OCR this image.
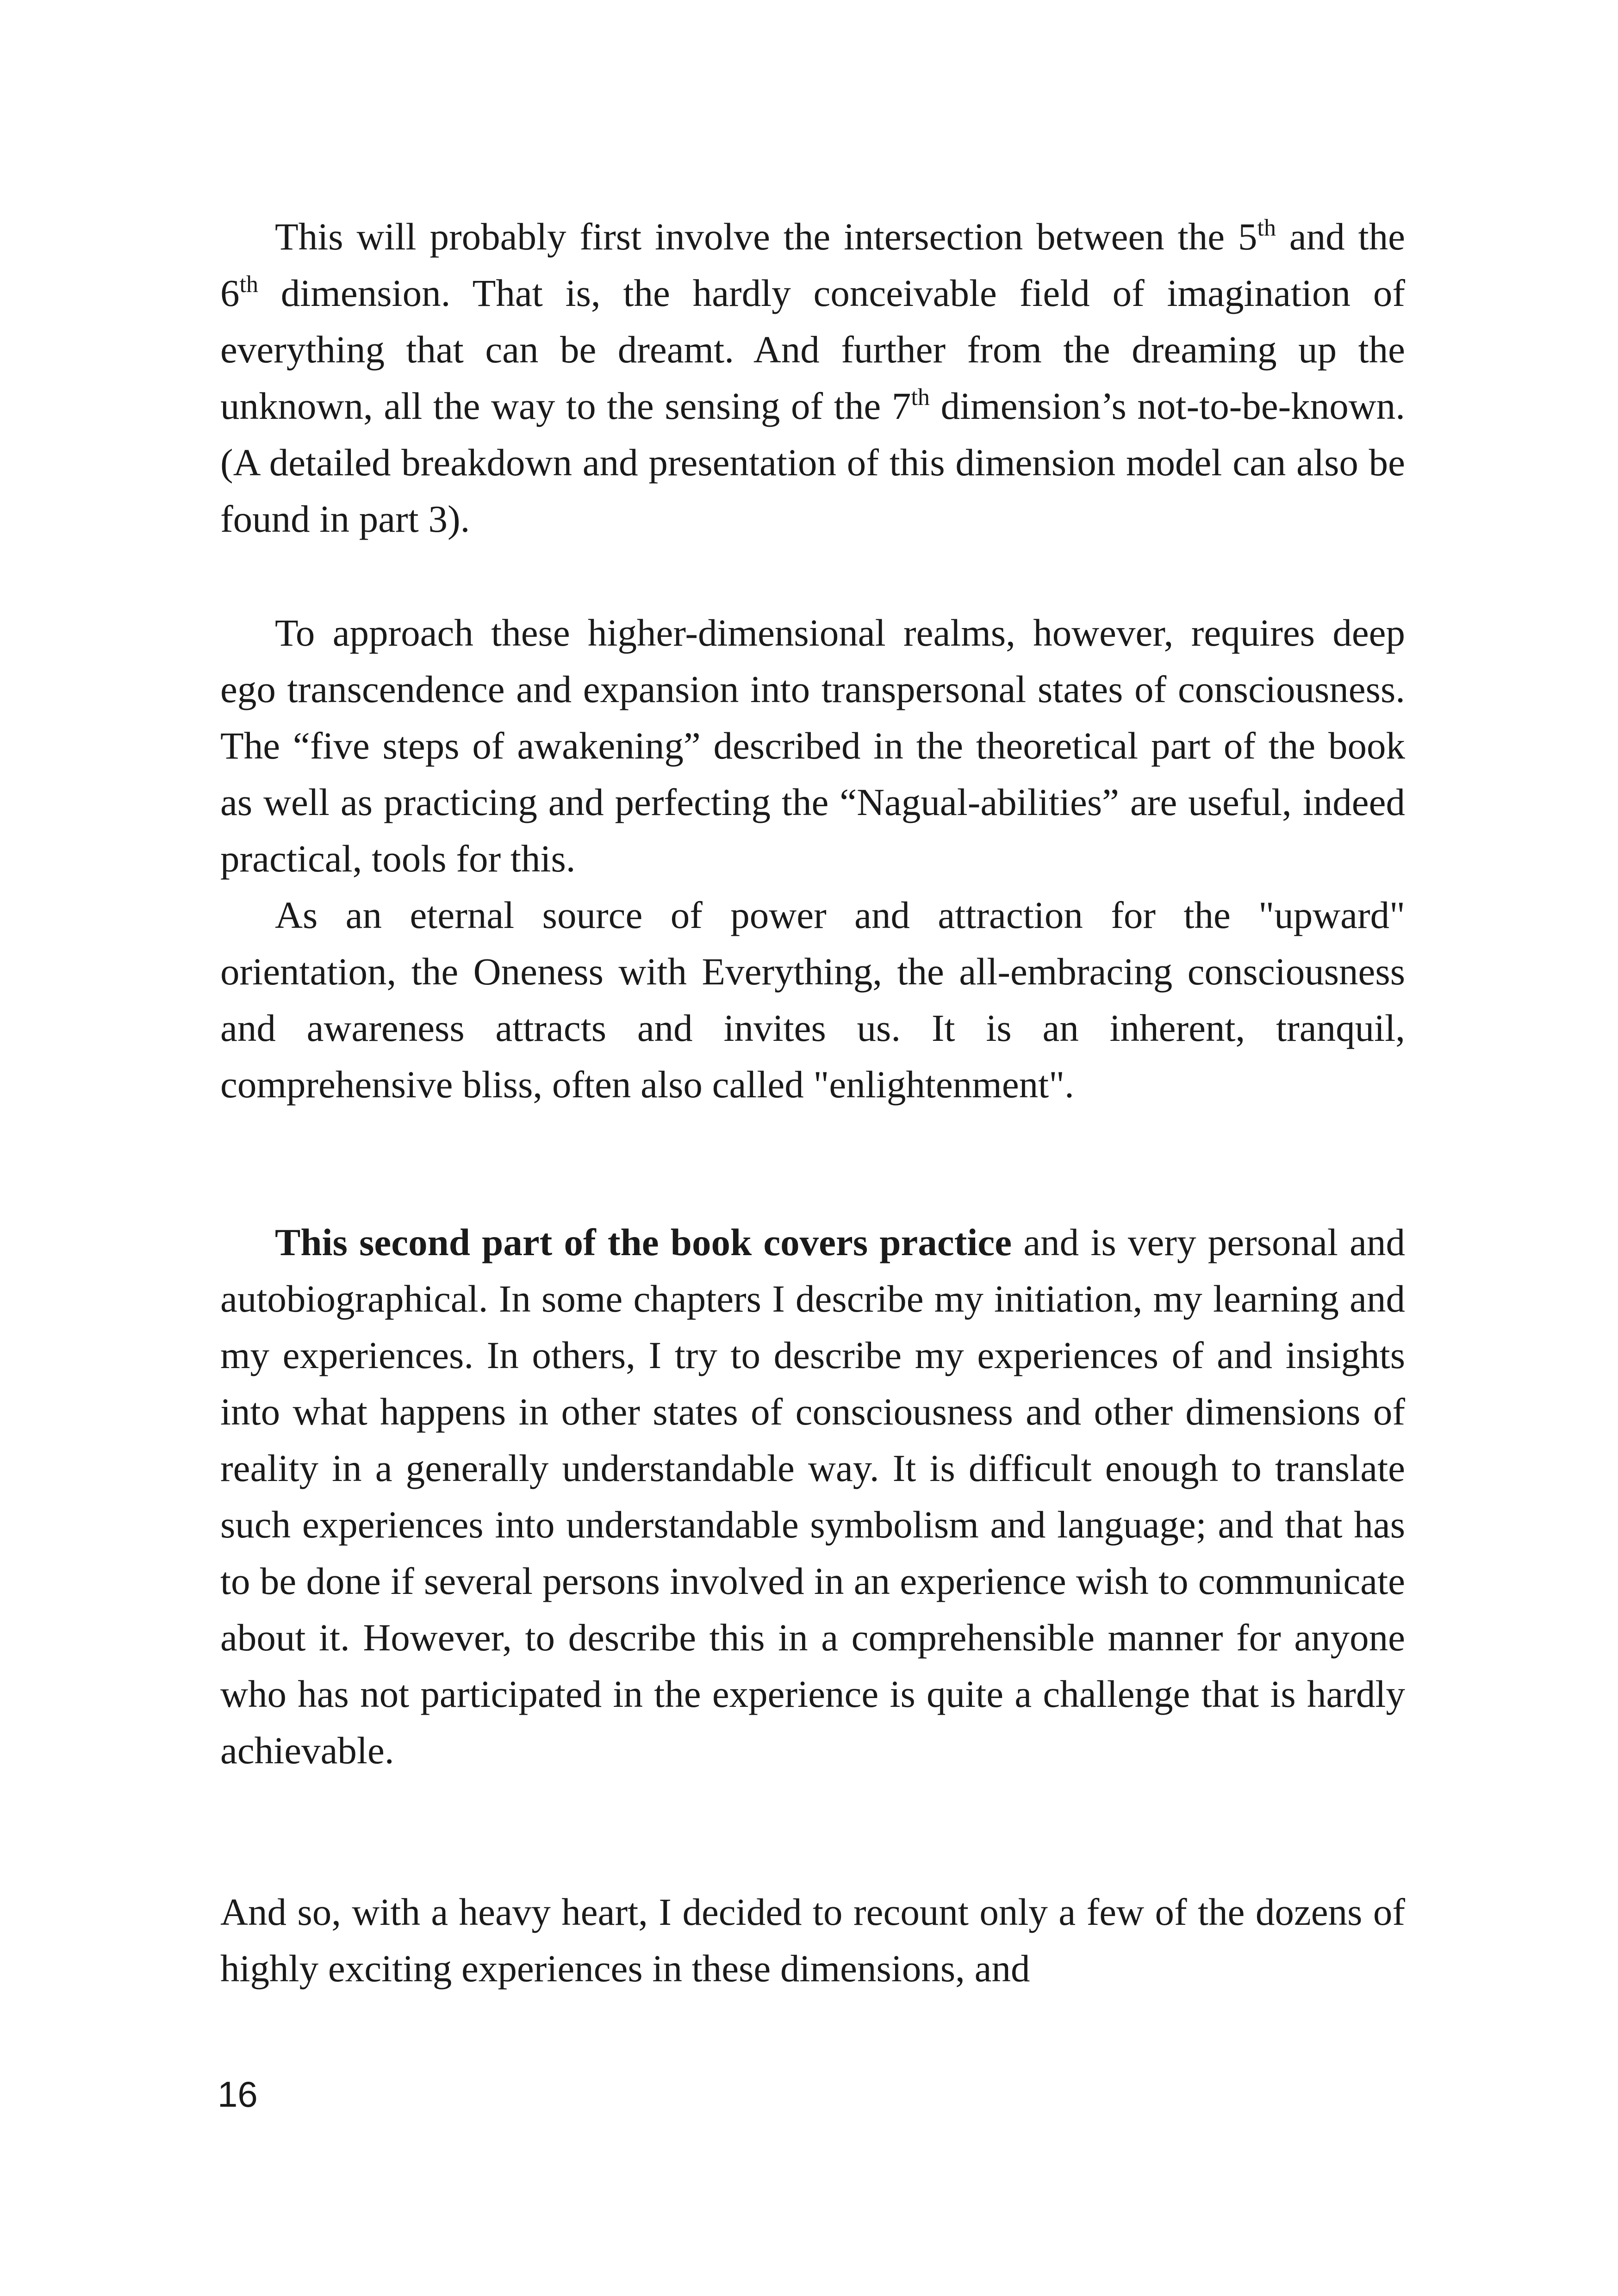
This will probably first involve the intersection between the 5th and the 6th dimension. That is, the hardly conceivable field of imagination of everything that can be dreamt. And further from the dreaming up the unknown, all the way to the sensing of the 7th dimension’s not-to-be-known. (A detailed breakdown and presentation of this dimension model can also be found in part 3).

To approach these higher-dimensional realms, however, requires deep ego transcendence and expansion into transpersonal states of consciousness. The “five steps of awakening” described in the theoretical part of the book as well as practicing and perfecting the “Nagual-abilities” are useful, indeed practical, tools for this.

As an eternal source of power and attraction for the "upward" orientation, the Oneness with Everything, the all-embracing consciousness and awareness attracts and invites us. It is an inherent, tranquil, comprehensive bliss, often also called "enlightenment".

This second part of the book covers practice and is very personal and autobiographical. In some chapters I describe my initiation, my learning and my experiences. In others, I try to describe my experiences of and insights into what happens in other states of consciousness and other dimensions of reality in a generally understandable way. It is difficult enough to translate such experiences into understandable symbolism and language; and that has to be done if several persons involved in an experience wish to communicate about it. However, to describe this in a comprehensible manner for anyone who has not participated in the experience is quite a challenge that is hardly achievable.

And so, with a heavy heart, I decided to recount only a few of the dozens of highly exciting experiences in these dimensions, and

16
